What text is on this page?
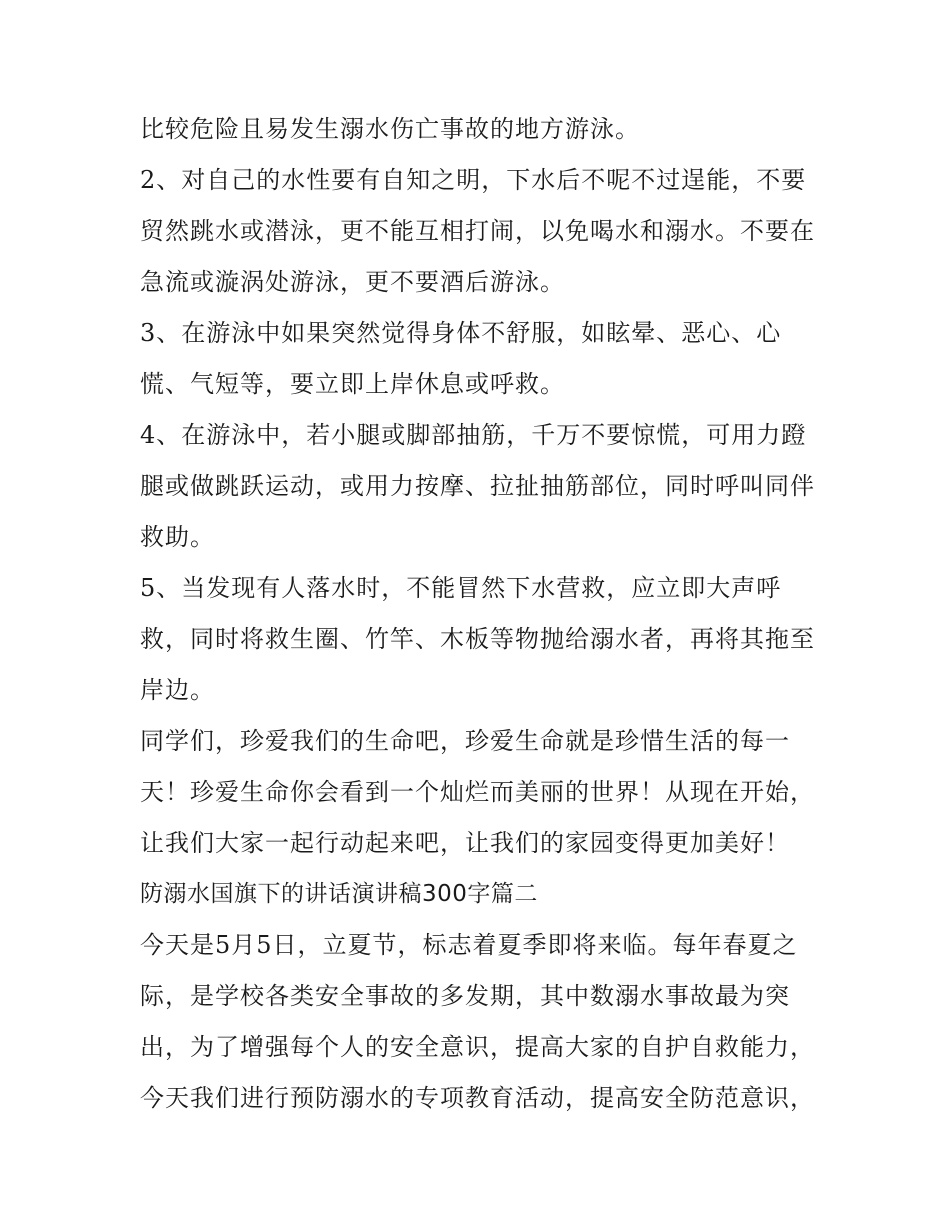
比较危险且易发生溺水伤亡事故的地方游泳。
2、对自己的水性要有自知之明，下水后不呢不过逞能，不要
贸然跳水或潜泳，更不能互相打闹，以免喝水和溺水。不要在
急流或漩涡处游泳，更不要酒后游泳。
3、在游泳中如果突然觉得身体不舒服，如眩晕、恶心、心
慌、气短等，要立即上岸休息或呼救。
4、在游泳中，若小腿或脚部抽筋，千万不要惊慌，可用力蹬
腿或做跳跃运动，或用力按摩、拉扯抽筋部位，同时呼叫同伴
救助。
5、当发现有人落水时，不能冒然下水营救，应立即大声呼
救，同时将救生圈、竹竿、木板等物抛给溺水者，再将其拖至
岸边。
同学们，珍爱我们的生命吧，珍爱生命就是珍惜生活的每一
天！珍爱生命你会看到一个灿烂而美丽的世界！从现在开始，
让我们大家一起行动起来吧，让我们的家园变得更加美好！
防溺水国旗下的讲话演讲稿300字篇二
今天是5月5日，立夏节，标志着夏季即将来临。每年春夏之
际，是学校各类安全事故的多发期，其中数溺水事故最为突
出，为了增强每个人的安全意识，提高大家的自护自救能力，
今天我们进行预防溺水的专项教育活动，提高安全防范意识，
